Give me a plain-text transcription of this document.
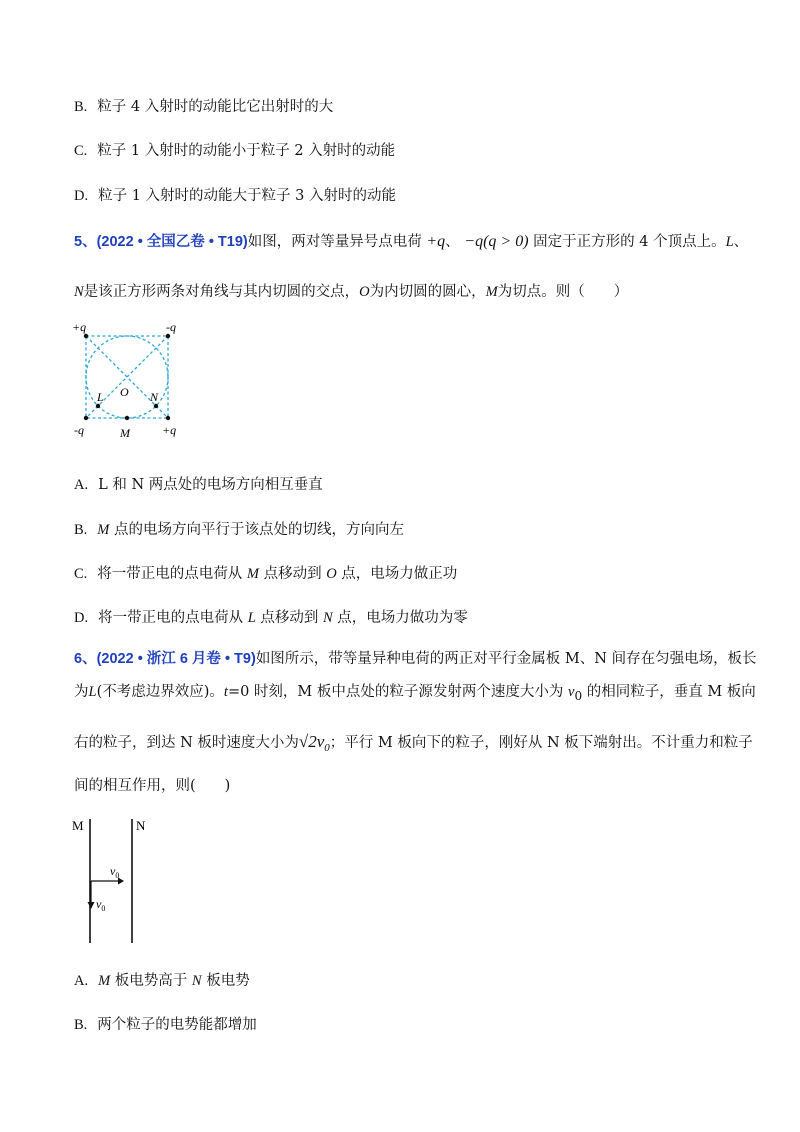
B. 粒子 4 入射时的动能比它出射时的大
C. 粒子 1 入射时的动能小于粒子 2 入射时的动能
D. 粒子 1 入射时的动能大于粒子 3 入射时的动能
5、(2022 • 全国乙卷 • T19)如图，两对等量异号点电荷 +q、 −q(q > 0) 固定于正方形的 4 个顶点上。L、
N是该正方形两条对角线与其内切圆的交点，O为内切圆的圆心，M为切点。则（　　）
+q	-q
-q	+q
L	N
O
M
A. L 和 N 两点处的电场方向相互垂直
B. M 点的电场方向平行于该点处的切线，方向向左
C. 将一带正电的点电荷从 M 点移动到 O 点，电场力做正功
D. 将一带正电的点电荷从 L 点移动到 N 点，电场力做功为零
6、(2022 • 浙江 6 月卷 • T9)如图所示，带等量异种电荷的两正对平行金属板 M、N 间存在匀强电场，板长
为L(不考虑边界效应)。t=0 时刻，M 板中点处的粒子源发射两个速度大小为 $v_0$ 的相同粒子，垂直 M 板向
右的粒子，到达 N 板时速度大小为$√2v_0$；平行 M 板向下的粒子，刚好从 N 板下端射出。不计重力和粒子
间的相互作用，则(　　)
M	N
$v_0$
$v_0$
A. M 板电势高于 N 板电势
B. 两个粒子的电势能都增加
